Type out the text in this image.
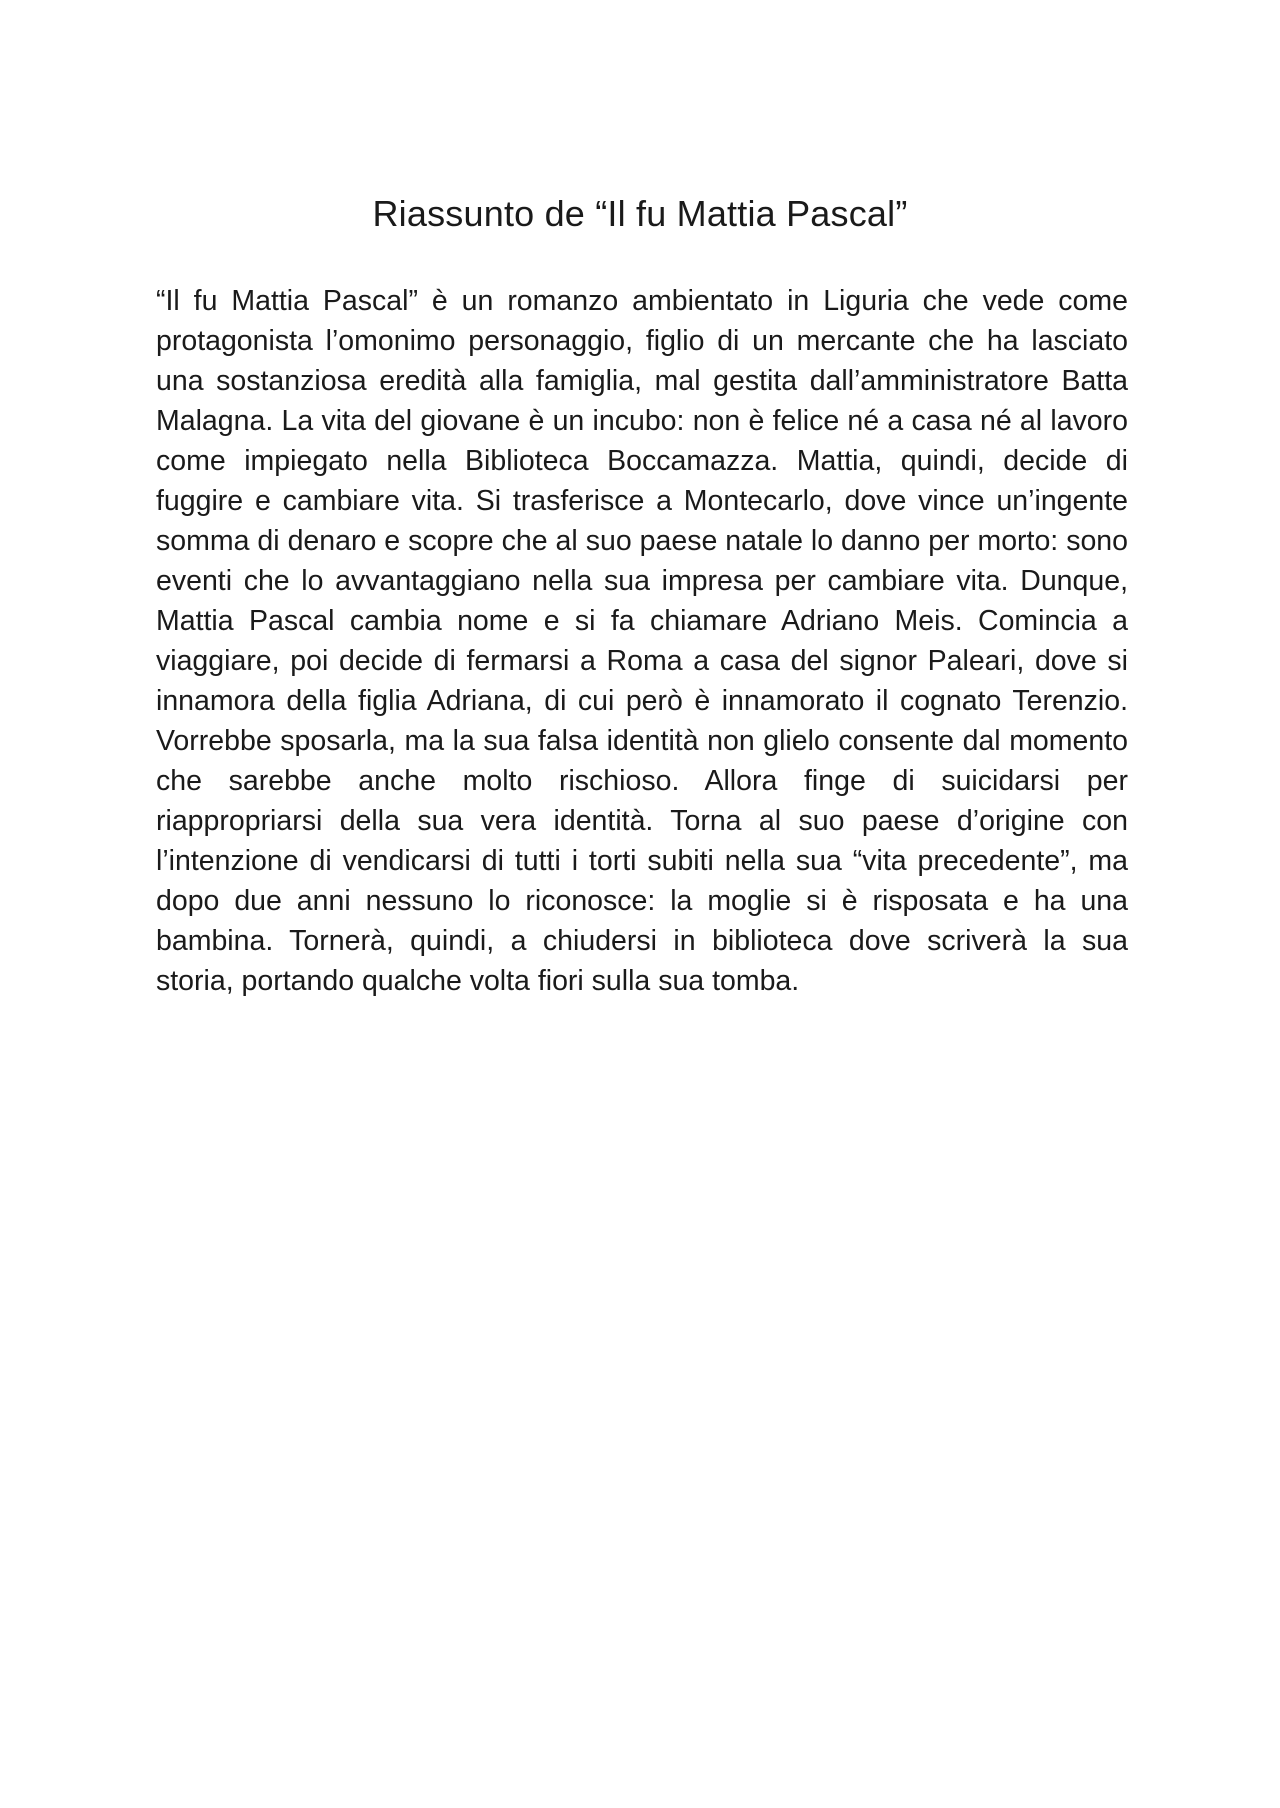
Riassunto de “Il fu Mattia Pascal”

“Il fu Mattia Pascal” è un romanzo ambientato in Liguria che vede come protagonista l’omonimo personaggio, figlio di un mercante che ha lasciato una sostanziosa eredità alla famiglia, mal gestita dall’amministratore Batta Malagna. La vita del giovane è un incubo: non è felice né a casa né al lavoro come impiegato nella Biblioteca Boccamazza. Mattia, quindi, decide di fuggire e cambiare vita. Si trasferisce a Montecarlo, dove vince un’ingente somma di denaro e scopre che al suo paese natale lo danno per morto: sono eventi che lo avvantaggiano nella sua impresa per cambiare vita. Dunque, Mattia Pascal cambia nome e si fa chiamare Adriano Meis. Comincia a viaggiare, poi decide di fermarsi a Roma a casa del signor Paleari, dove si innamora della figlia Adriana, di cui però è innamorato il cognato Terenzio. Vorrebbe sposarla, ma la sua falsa identità non glielo consente dal momento che sarebbe anche molto rischioso. Allora finge di suicidarsi per riappropriarsi della sua vera identità. Torna al suo paese d’origine con l’intenzione di vendicarsi di tutti i torti subiti nella sua “vita precedente”, ma dopo due anni nessuno lo riconosce: la moglie si è risposata e ha una bambina. Tornerà, quindi, a chiudersi in biblioteca dove scriverà la sua storia, portando qualche volta fiori sulla sua tomba.
